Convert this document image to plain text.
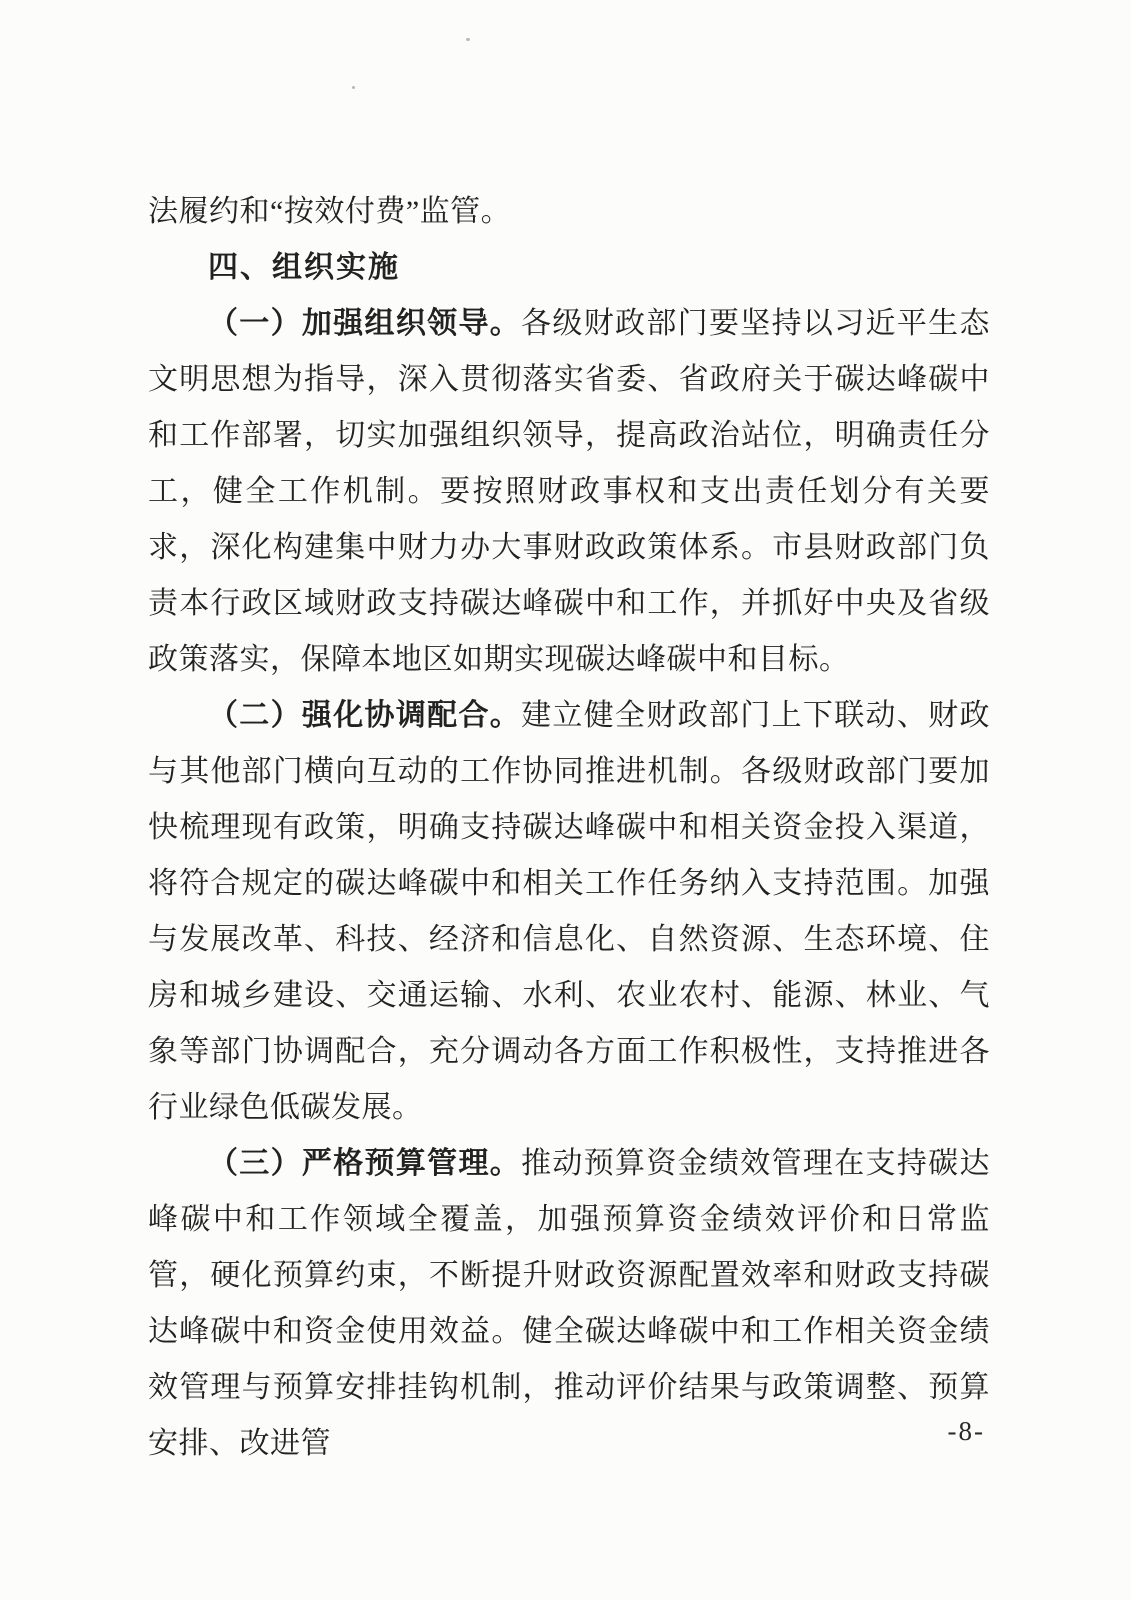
法履约和“按效付费”监管。
四、组织实施
（一）加强组织领导。各级财政部门要坚持以习近平生态文明思想为指导，深入贯彻落实省委、省政府关于碳达峰碳中和工作部署，切实加强组织领导，提高政治站位，明确责任分工，健全工作机制。要按照财政事权和支出责任划分有关要求，深化构建集中财力办大事财政政策体系。市县财政部门负责本行政区域财政支持碳达峰碳中和工作，并抓好中央及省级政策落实，保障本地区如期实现碳达峰碳中和目标。
（二）强化协调配合。建立健全财政部门上下联动、财政与其他部门横向互动的工作协同推进机制。各级财政部门要加快梳理现有政策，明确支持碳达峰碳中和相关资金投入渠道，将符合规定的碳达峰碳中和相关工作任务纳入支持范围。加强与发展改革、科技、经济和信息化、自然资源、生态环境、住房和城乡建设、交通运输、水利、农业农村、能源、林业、气象等部门协调配合，充分调动各方面工作积极性，支持推进各行业绿色低碳发展。
（三）严格预算管理。推动预算资金绩效管理在支持碳达峰碳中和工作领域全覆盖，加强预算资金绩效评价和日常监管，硬化预算约束，不断提升财政资源配置效率和财政支持碳达峰碳中和资金使用效益。健全碳达峰碳中和工作相关资金绩效管理与预算安排挂钩机制，推动评价结果与政策调整、预算安排、改进管	-8-
